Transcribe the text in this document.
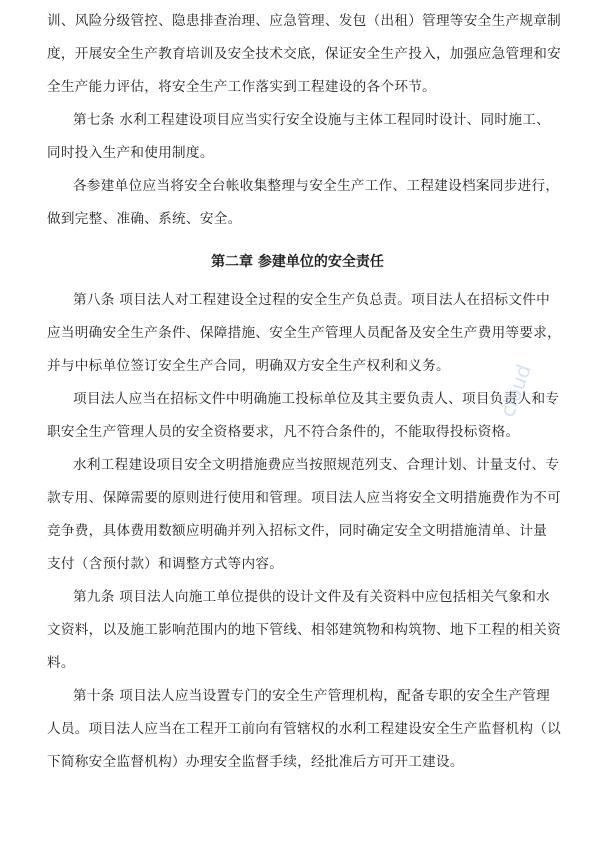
训、风险分级管控、隐患排查治理、应急管理、发包（出租）管理等安全生产规章制
度，开展安全生产教育培训及安全技术交底，保证安全生产投入，加强应急管理和安
全生产能力评估，将安全生产工作落实到工程建设的各个环节。
第七条 水利工程建设项目应当实行安全设施与主体工程同时设计、同时施工、
同时投入生产和使用制度。
各参建单位应当将安全台帐收集整理与安全生产工作、工程建设档案同步进行，
做到完整、准确、系统、安全。
第二章 参建单位的安全责任
第八条 项目法人对工程建设全过程的安全生产负总责。项目法人在招标文件中
应当明确安全生产条件、保障措施、安全生产管理人员配备及安全生产费用等要求，
并与中标单位签订安全生产合同，明确双方安全生产权利和义务。
项目法人应当在招标文件中明确施工投标单位及其主要负责人、项目负责人和专
职安全生产管理人员的安全资格要求，凡不符合条件的，不能取得投标资格。
水利工程建设项目安全文明措施费应当按照规范列支、合理计划、计量支付、专
款专用、保障需要的原则进行使用和管理。项目法人应当将安全文明措施费作为不可
竞争费，具体费用数额应明确并列入招标文件，同时确定安全文明措施清单、计量
支付（含预付款）和调整方式等内容。
第九条 项目法人向施工单位提供的设计文件及有关资料中应包括相关气象和水
文资料，以及施工影响范围内的地下管线、相邻建筑物和构筑物、地下工程的相关资
料。
第十条 项目法人应当设置专门的安全生产管理机构，配备专职的安全生产管理
人员。项目法人应当在工程开工前向有管辖权的水利工程建设安全生产监督机构（以
下简称安全监督机构）办理安全监督手续，经批准后方可开工建设。
cloud
